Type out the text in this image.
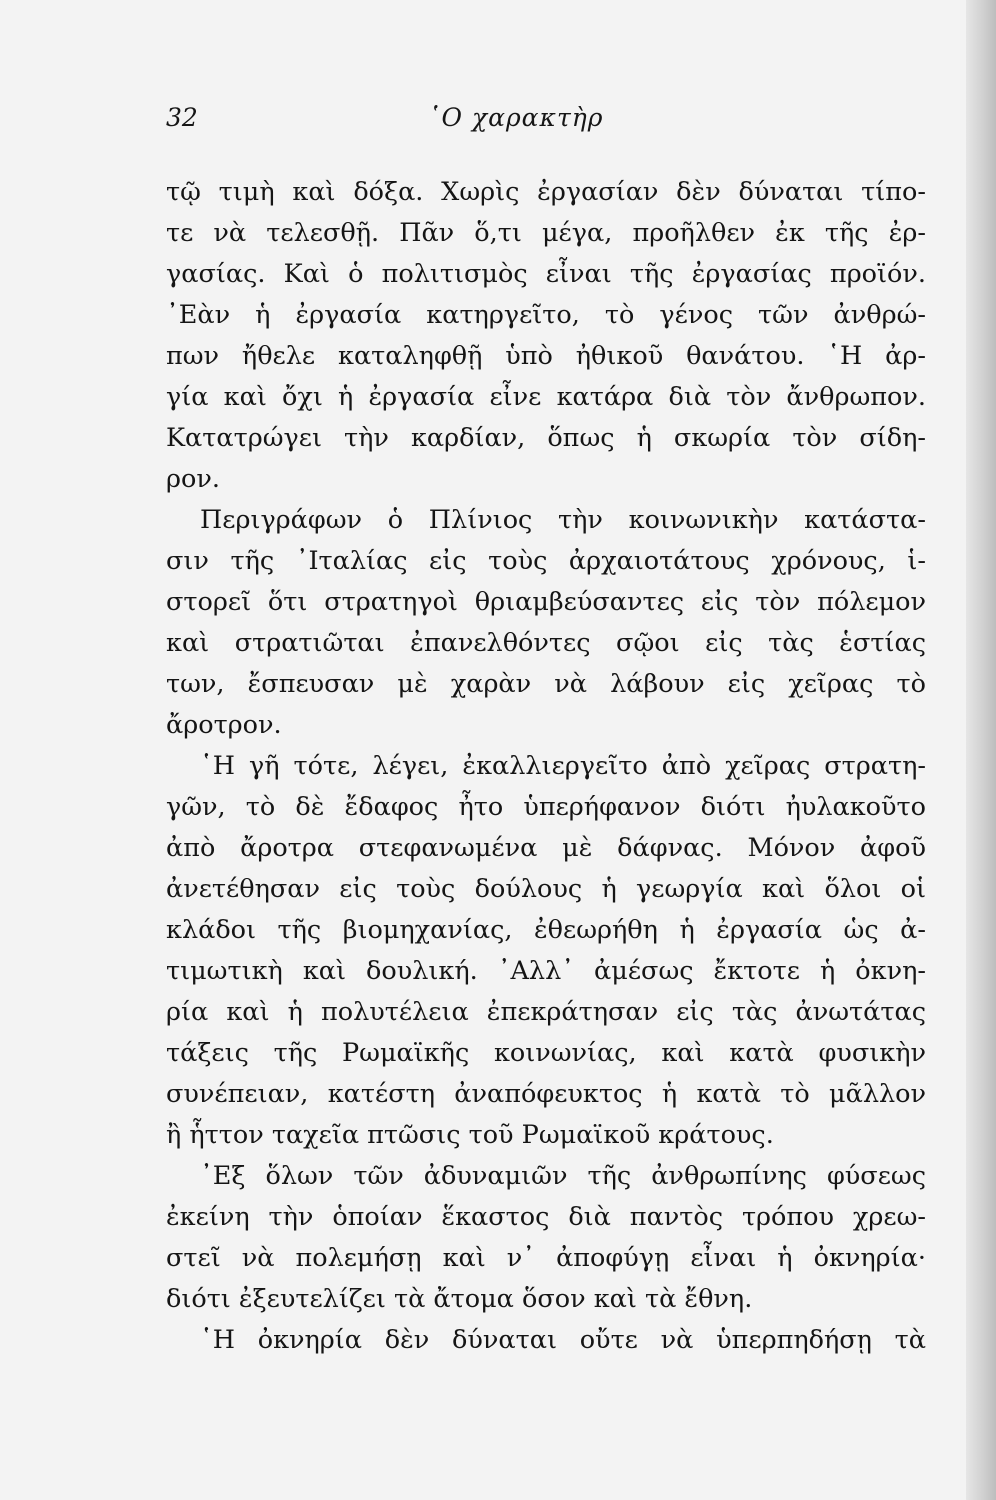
32	῾Ο χαρακτὴρ
τῷ τιμὴ καὶ δόξα. Χωρὶς ἐργασίαν δὲν δύναται τίπο-
τε νὰ τελεσθῇ. Πᾶν ὅ,τι μέγα, προῆλθεν ἐκ τῆς ἐρ-
γασίας. Καὶ ὁ πολιτισμὸς εἶναι τῆς ἐργασίας προϊόν.
᾿Εὰν ἡ ἐργασία κατηργεῖτο, τὸ γένος τῶν ἀνθρώ-
πων ἤθελε καταληφθῇ ὑπὸ ἠθικοῦ θανάτου. ῾Η ἀρ-
γία καὶ ὄχι ἡ ἐργασία εἶνε κατάρα διὰ τὸν ἄνθρωπον.
Κατατρώγει τὴν καρδίαν, ὅπως ἡ σκωρία τὸν σίδη-
ρον.
Περιγράφων ὁ Πλίνιος τὴν κοινωνικὴν κατάστα-
σιν τῆς ᾿Ιταλίας εἰς τοὺς ἀρχαιοτάτους χρόνους, ἱ-
στορεῖ ὅτι στρατηγοὶ θριαμβεύσαντες εἰς τὸν πόλεμον
καὶ στρατιῶται ἐπανελθόντες σῷοι εἰς τὰς ἑστίας
των, ἔσπευσαν μὲ χαρὰν νὰ λάβουν εἰς χεῖρας τὸ
ἄροτρον.
῾Η γῆ τότε, λέγει, ἐκαλλιεργεῖτο ἀπὸ χεῖρας στρατη-
γῶν, τὸ δὲ ἔδαφος ἦτο ὑπερήφανον διότι ἠυλακοῦτο
ἀπὸ ἄροτρα στεφανωμένα μὲ δάφνας. Μόνον ἀφοῦ
ἀνετέθησαν εἰς τοὺς δούλους ἡ γεωργία καὶ ὅλοι οἱ
κλάδοι τῆς βιομηχανίας, ἐθεωρήθη ἡ ἐργασία ὡς ἀ-
τιμωτικὴ καὶ δουλική. ᾿Αλλ᾿ ἀμέσως ἔκτοτε ἡ ὀκνη-
ρία καὶ ἡ πολυτέλεια ἐπεκράτησαν εἰς τὰς ἀνωτάτας
τάξεις τῆς Ρωμαϊκῆς κοινωνίας, καὶ κατὰ φυσικὴν
συνέπειαν, κατέστη ἀναπόφευκτος ἡ κατὰ τὸ μᾶλλον
ἢ ἧττον ταχεῖα πτῶσις τοῦ Ρωμαϊκοῦ κράτους.
᾿Εξ ὅλων τῶν ἀδυναμιῶν τῆς ἀνθρωπίνης φύσεως
ἐκείνη τὴν ὁποίαν ἕκαστος διὰ παντὸς τρόπου χρεω-
στεῖ νὰ πολεμήσῃ καὶ ν᾿ ἀποφύγῃ εἶναι ἡ ὀκνηρία·
διότι ἐξευτελίζει τὰ ἄτομα ὅσον καὶ τὰ ἔθνη.
῾Η ὀκνηρία δὲν δύναται οὔτε νὰ ὑπερπηδήσῃ τὰ
